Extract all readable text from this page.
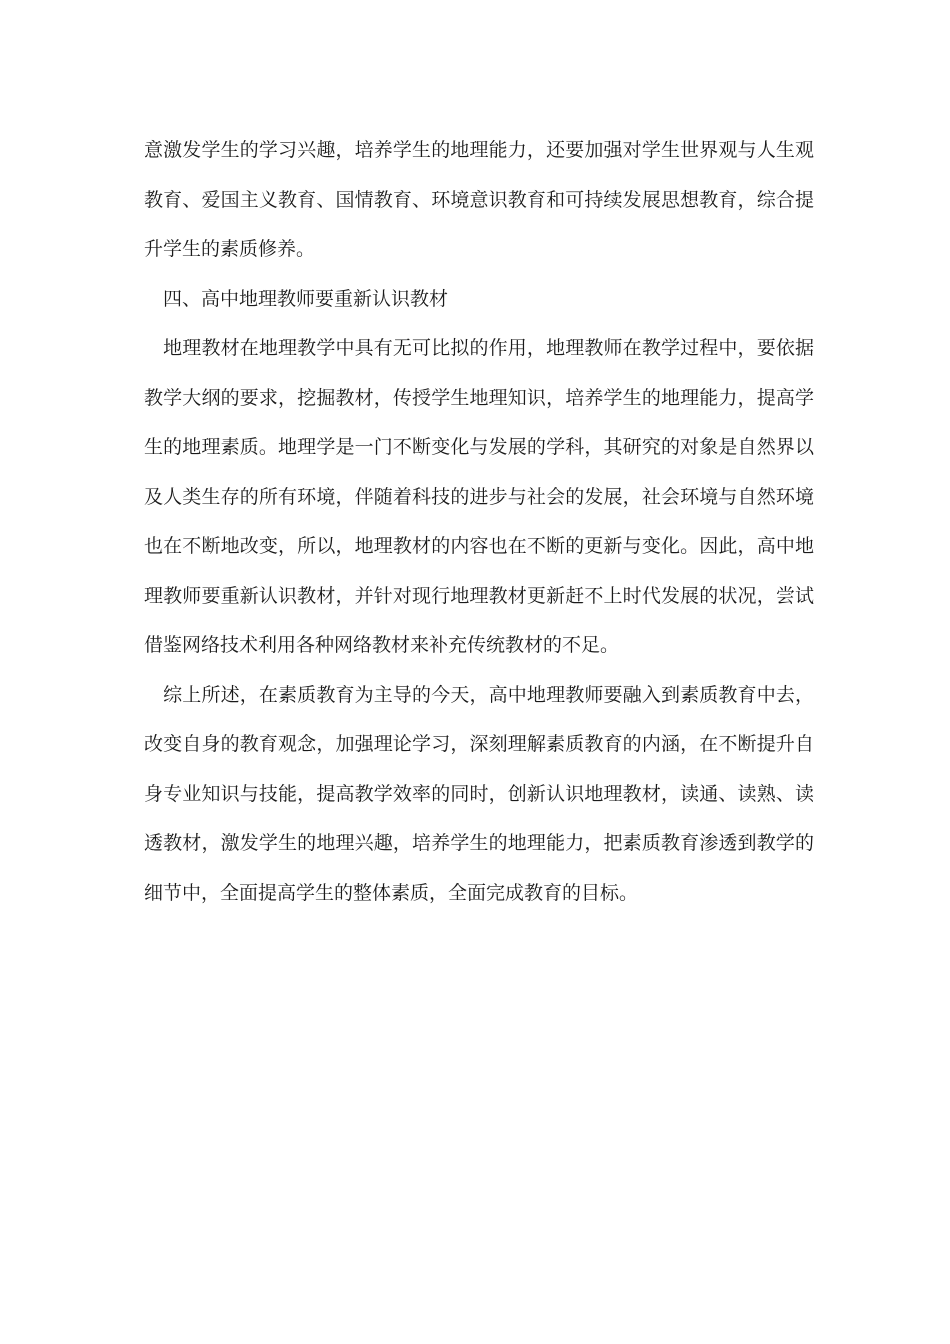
意激发学生的学习兴趣，培养学生的地理能力，还要加强对学生世界观与人生观教育、爱国主义教育、国情教育、环境意识教育和可持续发展思想教育，综合提升学生的素质修养。

　四、高中地理教师要重新认识教材

　地理教材在地理教学中具有无可比拟的作用，地理教师在教学过程中，要依据教学大纲的要求，挖掘教材，传授学生地理知识，培养学生的地理能力，提高学生的地理素质。地理学是一门不断变化与发展的学科，其研究的对象是自然界以及人类生存的所有环境，伴随着科技的进步与社会的发展，社会环境与自然环境也在不断地改变，所以，地理教材的内容也在不断的更新与变化。因此，高中地理教师要重新认识教材，并针对现行地理教材更新赶不上时代发展的状况，尝试借鉴网络技术利用各种网络教材来补充传统教材的不足。

　综上所述，在素质教育为主导的今天，高中地理教师要融入到素质教育中去，改变自身的教育观念，加强理论学习，深刻理解素质教育的内涵，在不断提升自身专业知识与技能，提高教学效率的同时，创新认识地理教材，读通、读熟、读透教材，激发学生的地理兴趣，培养学生的地理能力，把素质教育渗透到教学的细节中，全面提高学生的整体素质，全面完成教育的目标。
